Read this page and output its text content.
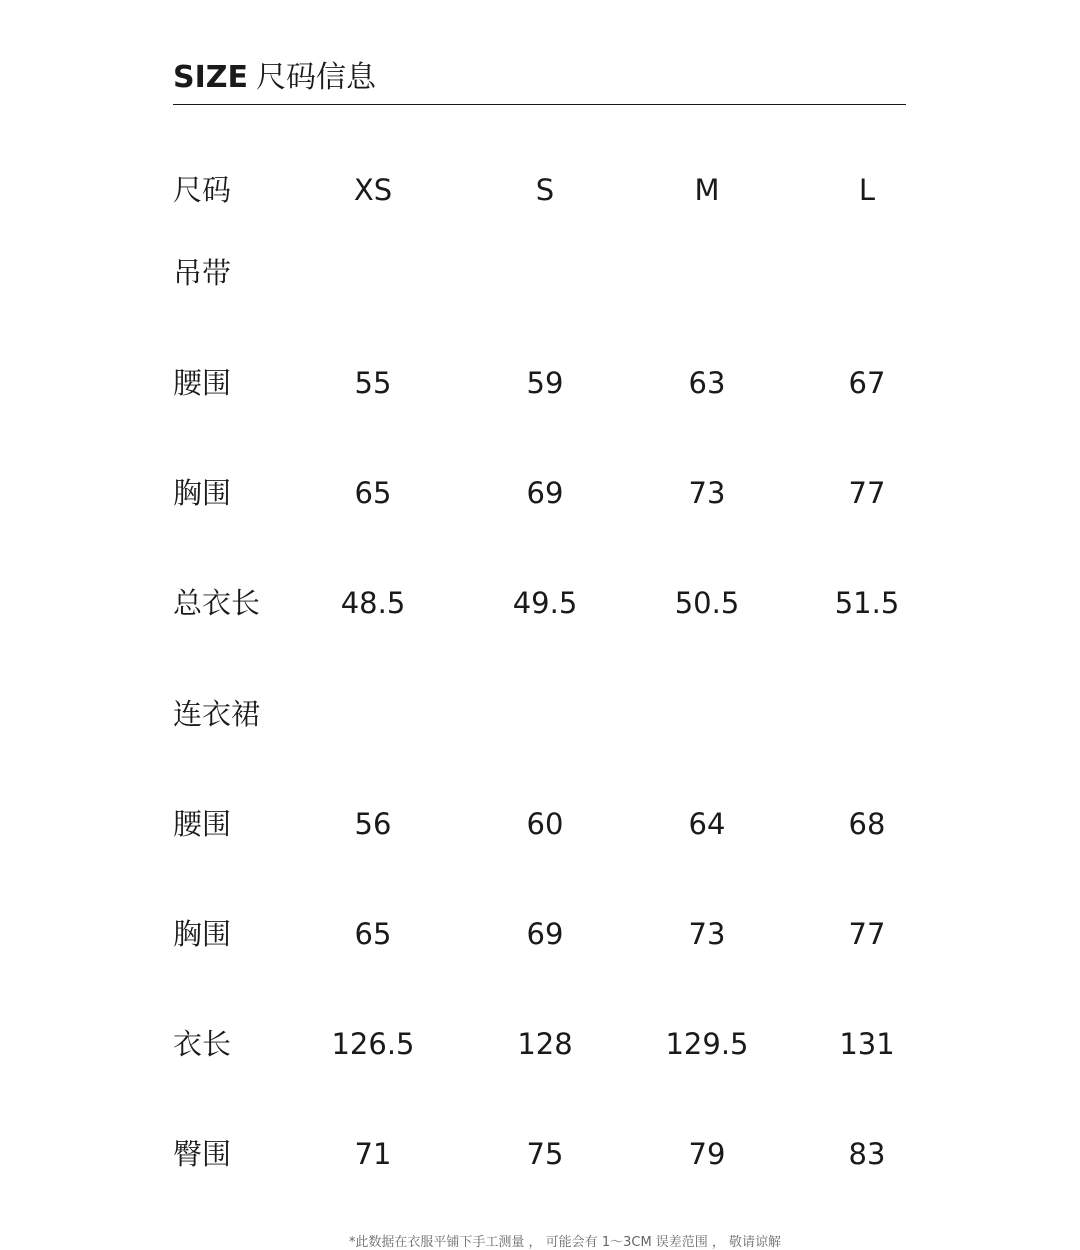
SIZE 尺码信息
尺码	XS	S	M	L
吊带
腰围	55	59	63	67
胸围	65	69	73	77
总衣长	48.5	49.5	50.5	51.5
连衣裙
腰围	56	60	64	68
胸围	65	69	73	77
衣长	126.5	128	129.5	131
臀围	71	75	79	83
*此数据在衣服平铺下手工测量 ， 可能会有 1～3CM 误差范围 ， 敬请谅解
